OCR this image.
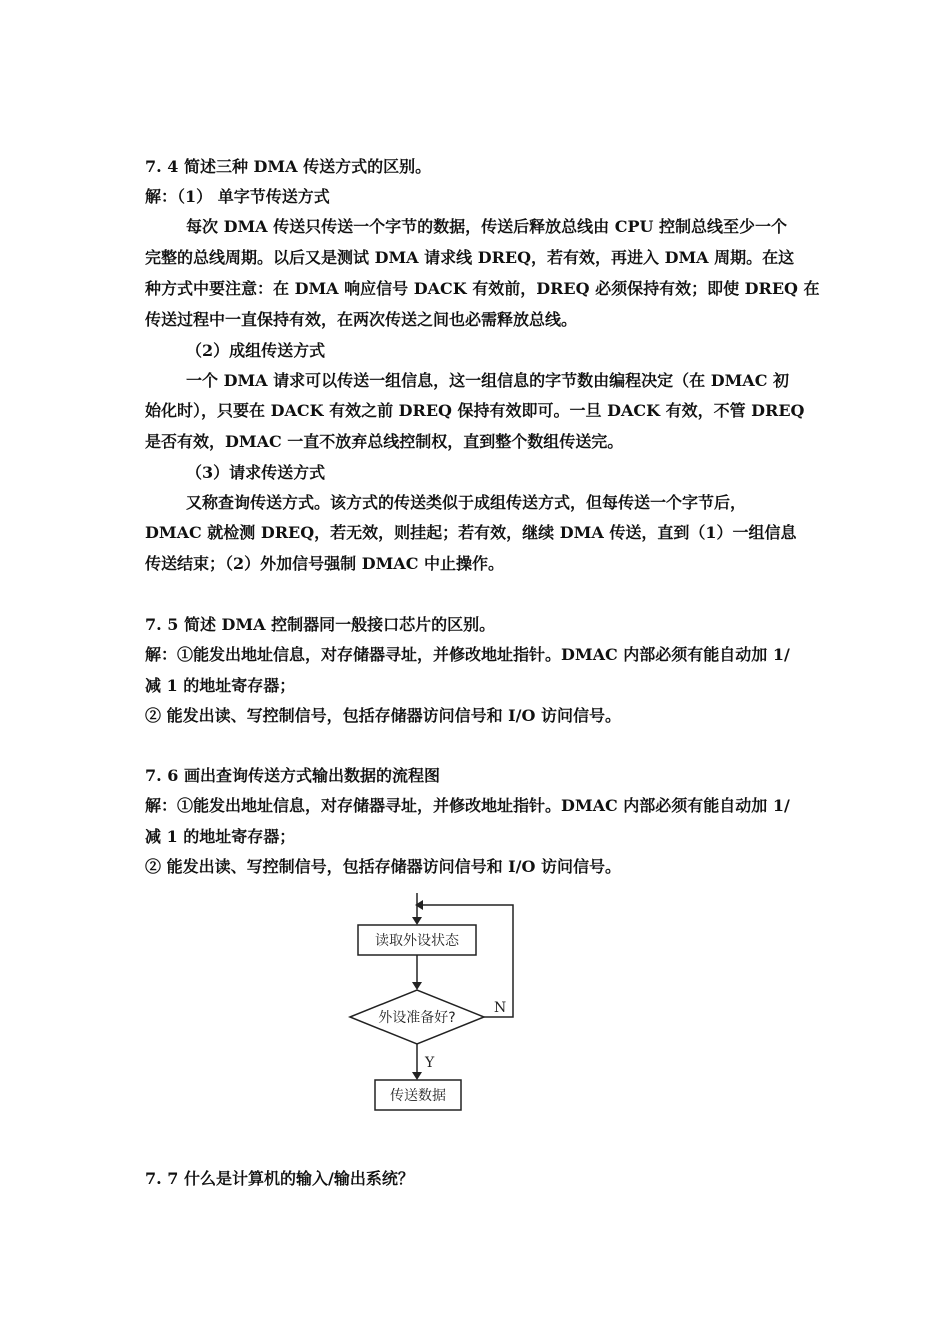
7. 4 简述三种 DMA 传送方式的区别。
解：（1） 单字节传送方式
每次 DMA 传送只传送一个字节的数据，传送后释放总线由 CPU 控制总线至少一个
完整的总线周期。以后又是测试 DMA 请求线 DREQ，若有效，再进入 DMA 周期。在这
种方式中要注意：在 DMA 响应信号 DACK 有效前，DREQ 必须保持有效；即使 DREQ 在
传送过程中一直保持有效，在两次传送之间也必需释放总线。
（2）成组传送方式
一个 DMA 请求可以传送一组信息，这一组信息的字节数由编程决定（在 DMAC 初
始化时），只要在 DACK 有效之前 DREQ 保持有效即可。一旦 DACK 有效，不管 DREQ
是否有效，DMAC 一直不放弃总线控制权，直到整个数组传送完。
（3）请求传送方式
又称查询传送方式。该方式的传送类似于成组传送方式，但每传送一个字节后，
DMAC 就检测 DREQ，若无效，则挂起；若有效，继续 DMA 传送，直到（1）一组信息
传送结束；（2）外加信号强制 DMAC 中止操作。
7. 5 简述 DMA 控制器同一般接口芯片的区别。
解：①能发出地址信息，对存储器寻址，并修改地址指针。DMAC 内部必须有能自动加 1/
减 1 的地址寄存器；
② 能发出读、写控制信号，包括存储器访问信号和 I/O 访问信号。
7. 6 画出查询传送方式输出数据的流程图
解：①能发出地址信息，对存储器寻址，并修改地址指针。DMAC 内部必须有能自动加 1/
减 1 的地址寄存器；
② 能发出读、写控制信号，包括存储器访问信号和 I/O 访问信号。
读取外设状态
外设准备好?
N
Y
传送数据
7. 7 什么是计算机的输入/输出系统？
